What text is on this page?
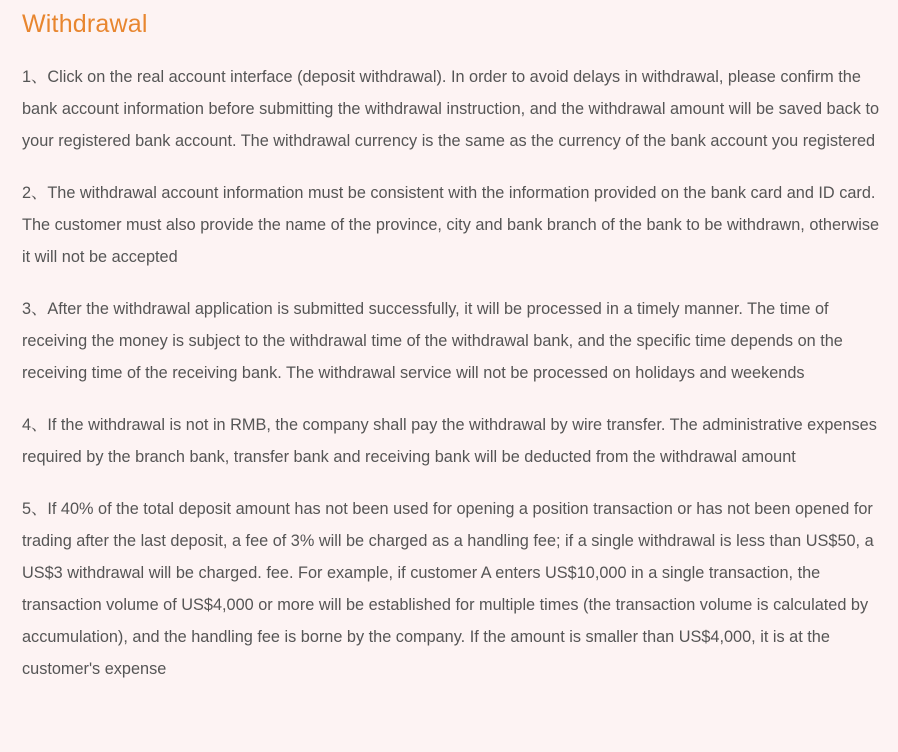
Withdrawal

1、Click on the real account interface (deposit withdrawal). In order to avoid delays in withdrawal, please confirm the bank account information before submitting the withdrawal instruction, and the withdrawal amount will be saved back to your registered bank account. The withdrawal currency is the same as the currency of the bank account you registered

2、The withdrawal account information must be consistent with the information provided on the bank card and ID card. The customer must also provide the name of the province, city and bank branch of the bank to be withdrawn, otherwise it will not be accepted

3、After the withdrawal application is submitted successfully, it will be processed in a timely manner. The time of receiving the money is subject to the withdrawal time of the withdrawal bank, and the specific time depends on the receiving time of the receiving bank. The withdrawal service will not be processed on holidays and weekends

4、If the withdrawal is not in RMB, the company shall pay the withdrawal by wire transfer. The administrative expenses required by the branch bank, transfer bank and receiving bank will be deducted from the withdrawal amount

5、If 40% of the total deposit amount has not been used for opening a position transaction or has not been opened for trading after the last deposit, a fee of 3% will be charged as a handling fee; if a single withdrawal is less than US$50, a US$3 withdrawal will be charged. fee. For example, if customer A enters US$10,000 in a single transaction, the transaction volume of US$4,000 or more will be established for multiple times (the transaction volume is calculated by accumulation), and the handling fee is borne by the company. If the amount is smaller than US$4,000, it is at the customer's expense
